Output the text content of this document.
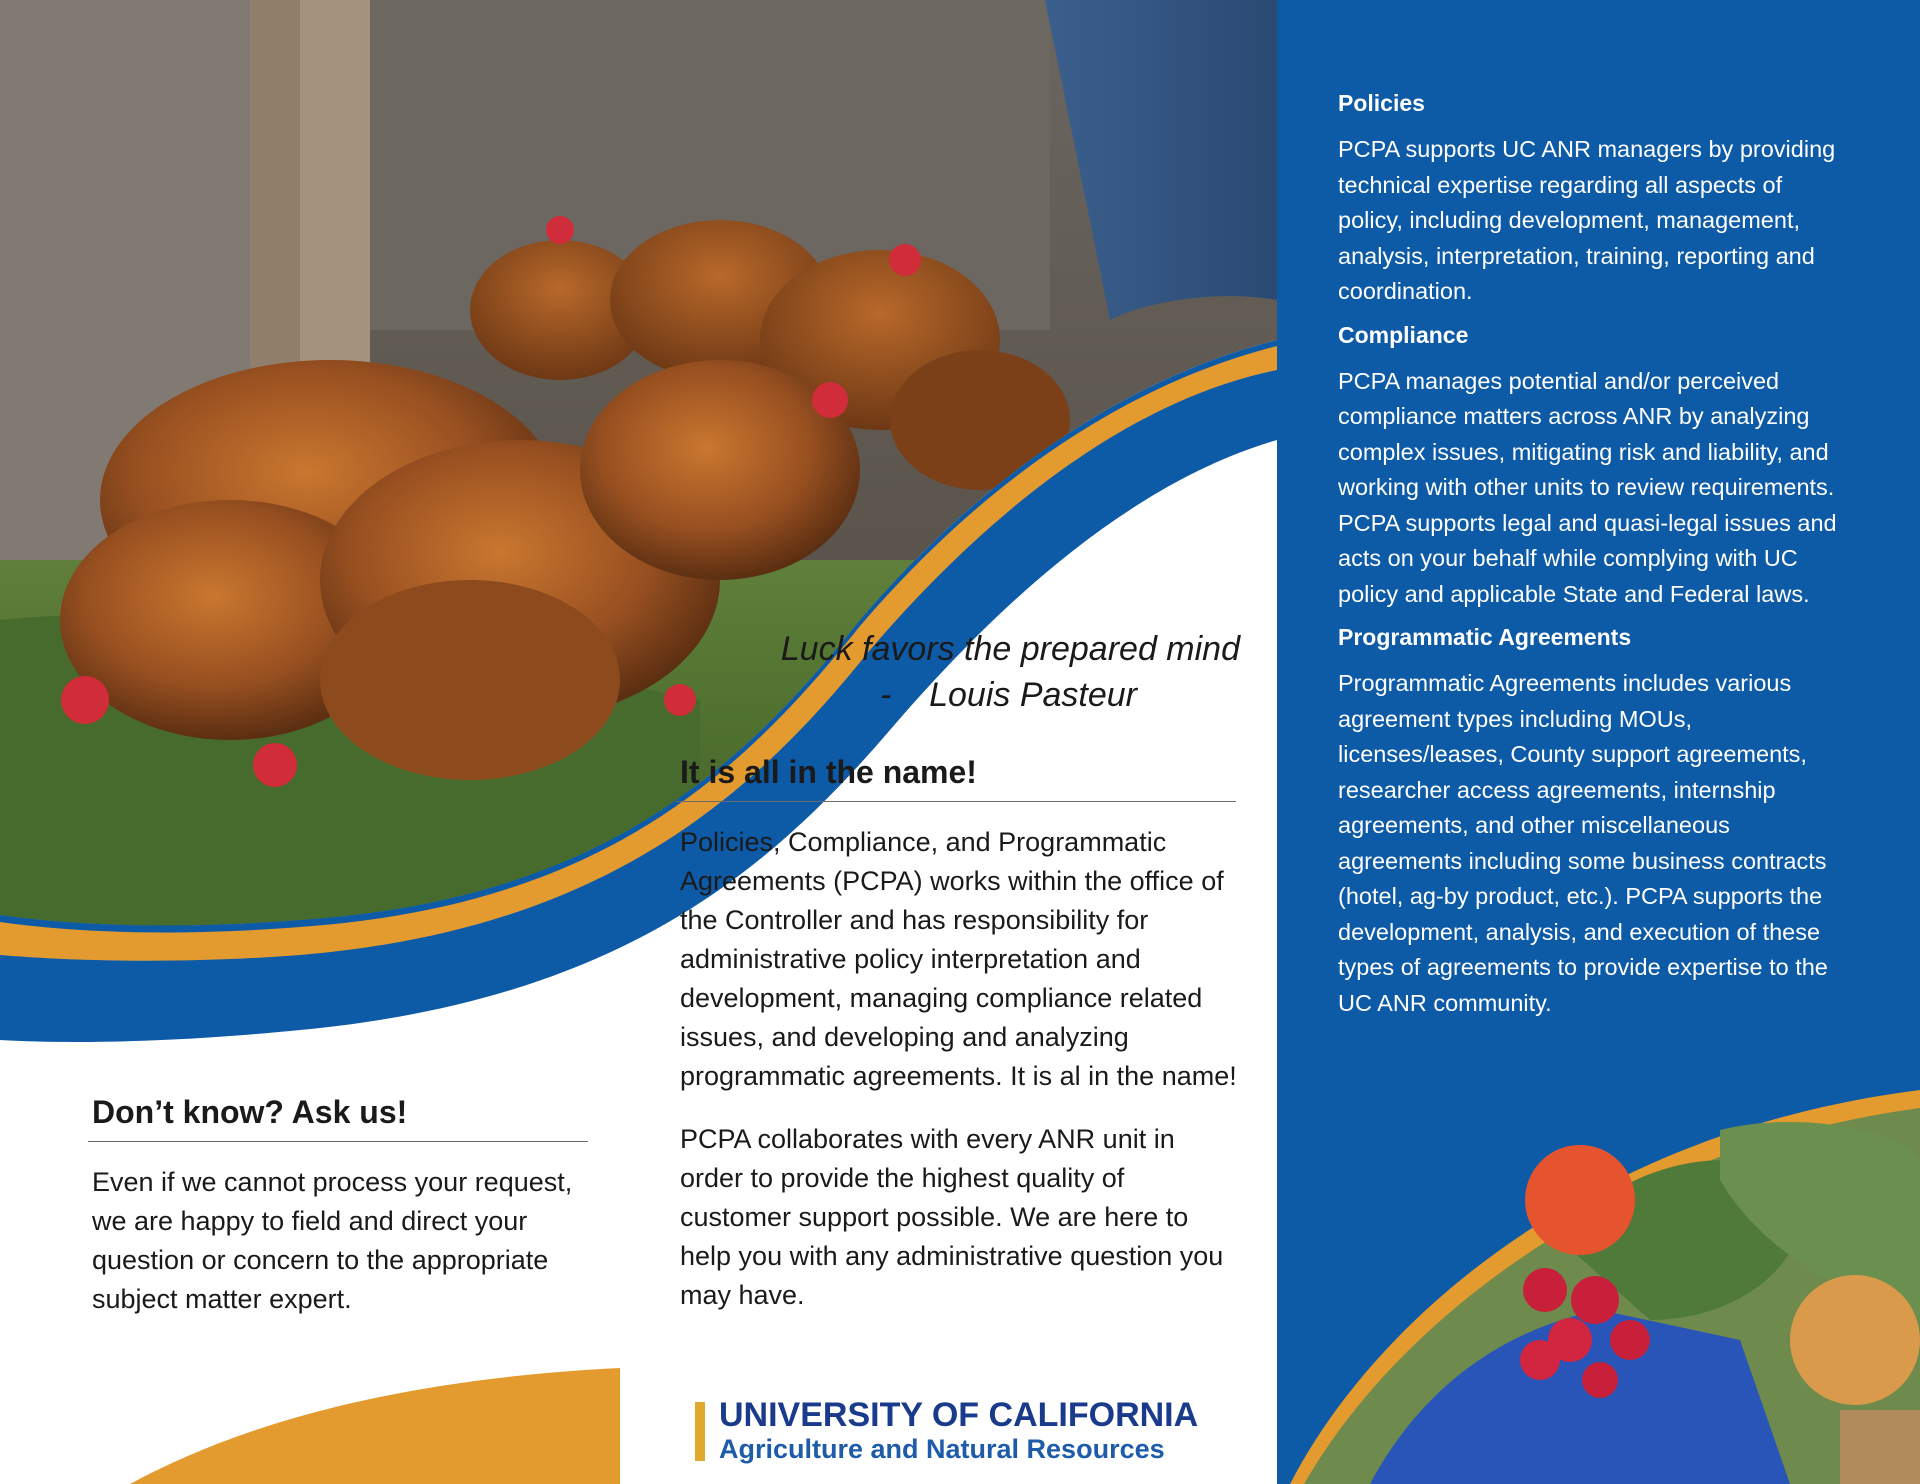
Luck favors the prepared mind
-    Louis Pasteur
It is all in the name!

Policies, Compliance, and Programmatic Agreements (PCPA) works within the office of the Controller and has responsibility for administrative policy interpretation and development, managing compliance related issues, and developing and analyzing programmatic agreements. It is al in the name!

PCPA collaborates with every ANR unit in order to provide the highest quality of customer support possible. We are here to help you with any administrative question you may have.

Don’t know? Ask us!

Even if we cannot process your request, we are happy to field and direct your question or concern to the appropriate subject matter expert.

Policies

PCPA supports UC ANR managers by providing technical expertise regarding all aspects of policy, including development, management, analysis, interpretation, training, reporting and coordination.

Compliance

PCPA manages potential and/or perceived compliance matters across ANR by analyzing complex issues, mitigating risk and liability, and working with other units to review requirements. PCPA supports legal and quasi-legal issues and acts on your behalf while complying with UC policy and applicable State and Federal laws.

Programmatic Agreements

Programmatic Agreements includes various agreement types including MOUs, licenses/leases, County support agreements, researcher access agreements, internship agreements, and other miscellaneous agreements including some business contracts (hotel, ag-by product, etc.). PCPA supports the development, analysis, and execution of these types of agreements to provide expertise to the UC ANR community.

UNIVERSITY OF CALIFORNIA
Agriculture and Natural Resources
